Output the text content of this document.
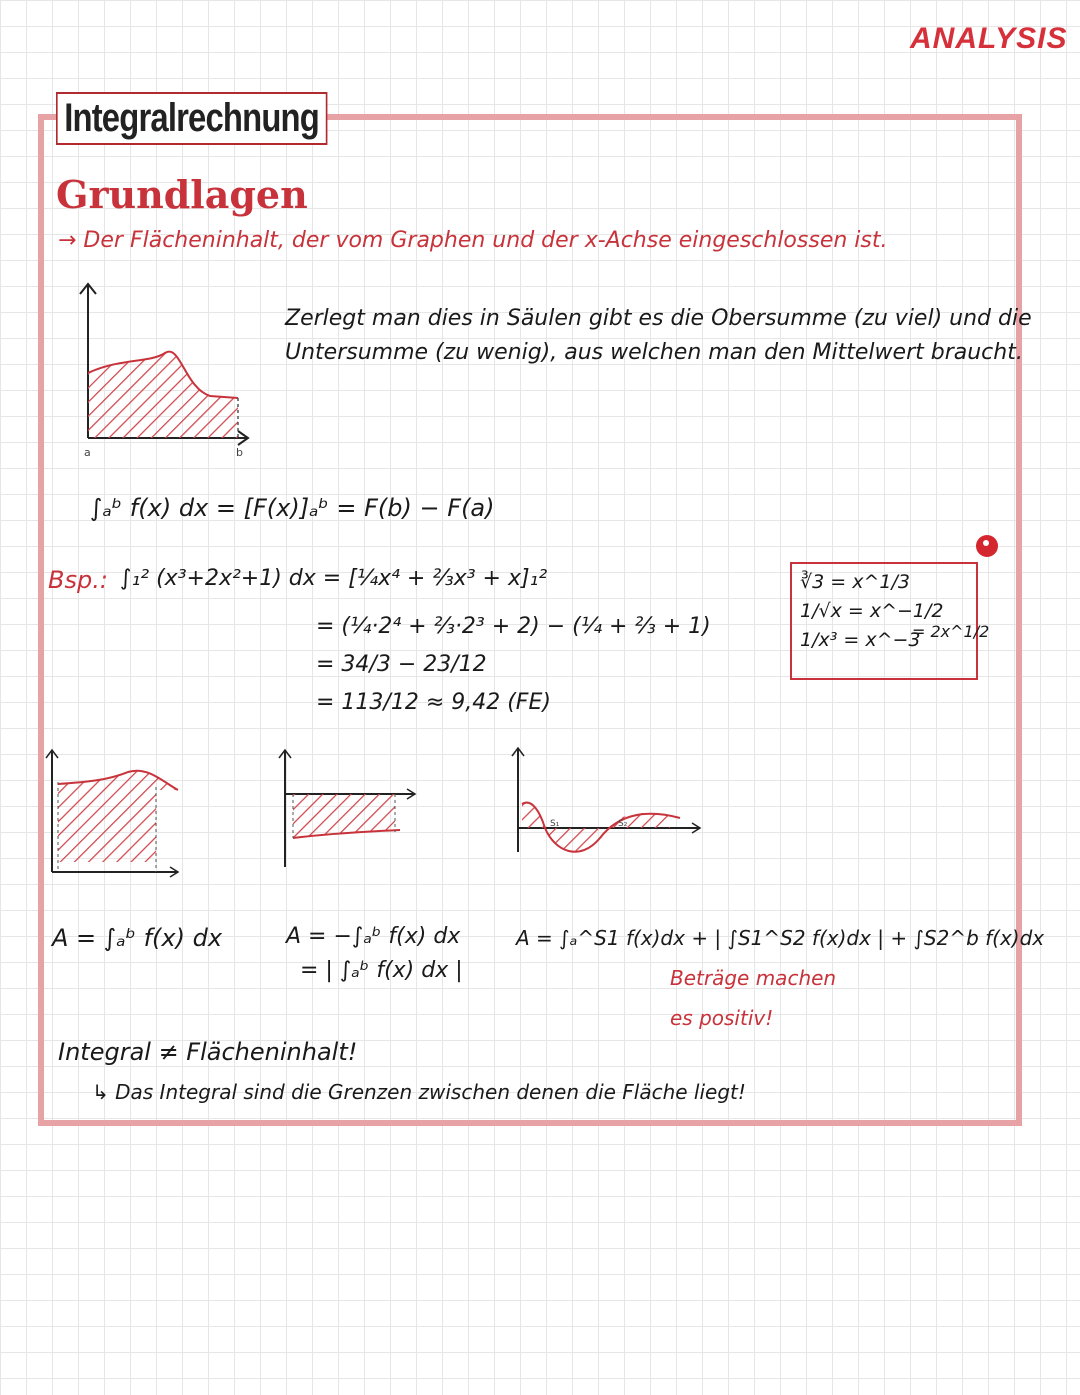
ANALYSIS
Integralrechnung
Grundlagen
→ Der Flächeninhalt, der vom Graphen und der x-Achse eingeschlossen ist.
a	b
Zerlegt man dies in Säulen gibt es die Obersumme (zu viel) und die
Untersumme (zu wenig), aus welchen man den Mittelwert braucht.
∫ₐᵇ f(x) dx = [F(x)]ₐᵇ = F(b) − F(a)
Bsp.: ∫₁² (x³+2x²+1) dx = [¼x⁴ + ⅔x³ + x]₁²
= (¼·2⁴ + ⅔·2³ + 2) − (¼ + ⅔ + 1)
= 34/3 − 23/12
= 113/12 ≈ 9,42 (FE)
∛3 = x^1/3
1/√x = x^−1/2
1/x³ = x^−3
= 2x^1/2
S₁	S₂
A = ∫ₐᵇ f(x) dx	A = −∫ₐᵇ f(x) dx
= | ∫ₐᵇ f(x) dx |
A = ∫ₐ^S1 f(x)dx + | ∫S1^S2 f(x)dx | + ∫S2^b f(x)dx
Beträge machen
es positiv!
Integral ≠ Flächeninhalt!
↳ Das Integral sind die Grenzen zwischen denen die Fläche liegt!
